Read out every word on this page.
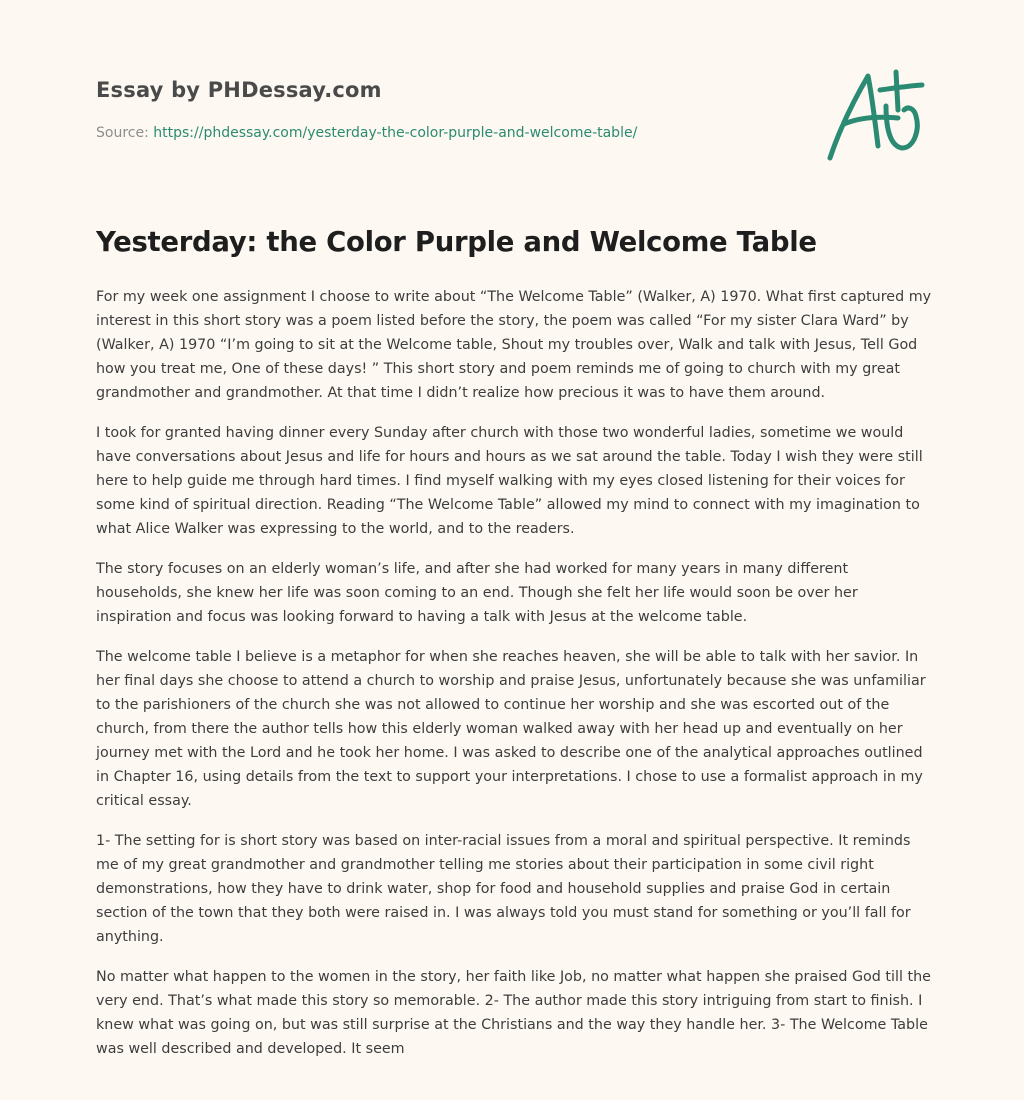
Essay by PHDessay.com
Source: https://phdessay.com/yesterday-the-color-purple-and-welcome-table/
Yesterday: the Color Purple and Welcome Table

For my week one assignment I choose to write about “The Welcome Table” (Walker, A) 1970. What first captured my interest in this short story was a poem listed before the story, the poem was called “For my sister Clara Ward” by (Walker, A) 1970 “I’m going to sit at the Welcome table, Shout my troubles over, Walk and talk with Jesus, Tell God how you treat me, One of these days! ” This short story and poem reminds me of going to church with my great grandmother and grandmother. At that time I didn’t realize how precious it was to have them around.

I took for granted having dinner every Sunday after church with those two wonderful ladies, sometime we would have conversations about Jesus and life for hours and hours as we sat around the table. Today I wish they were still here to help guide me through hard times. I find myself walking with my eyes closed listening for their voices for some kind of spiritual direction. Reading “The Welcome Table” allowed my mind to connect with my imagination to what Alice Walker was expressing to the world, and to the readers.

The story focuses on an elderly woman’s life, and after she had worked for many years in many different households, she knew her life was soon coming to an end. Though she felt her life would soon be over her inspiration and focus was looking forward to having a talk with Jesus at the welcome table.

The welcome table I believe is a metaphor for when she reaches heaven, she will be able to talk with her savior. In her final days she choose to attend a church to worship and praise Jesus, unfortunately because she was unfamiliar to the parishioners of the church she was not allowed to continue her worship and she was escorted out of the church, from there the author tells how this elderly woman walked away with her head up and eventually on her journey met with the Lord and he took her home. I was asked to describe one of the analytical approaches outlined in Chapter 16, using details from the text to support your interpretations. I chose to use a formalist approach in my critical essay.

1- The setting for is short story was based on inter-racial issues from a moral and spiritual perspective. It reminds me of my great grandmother and grandmother telling me stories about their participation in some civil right demonstrations, how they have to drink water, shop for food and household supplies and praise God in certain section of the town that they both were raised in. I was always told you must stand for something or you’ll fall for anything.

No matter what happen to the women in the story, her faith like Job, no matter what happen she praised God till the very end. That’s what made this story so memorable. 2- The author made this story intriguing from start to finish. I knew what was going on, but was still surprise at the Christians and the way they handle her. 3- The Welcome Table was well described and developed. It seem
